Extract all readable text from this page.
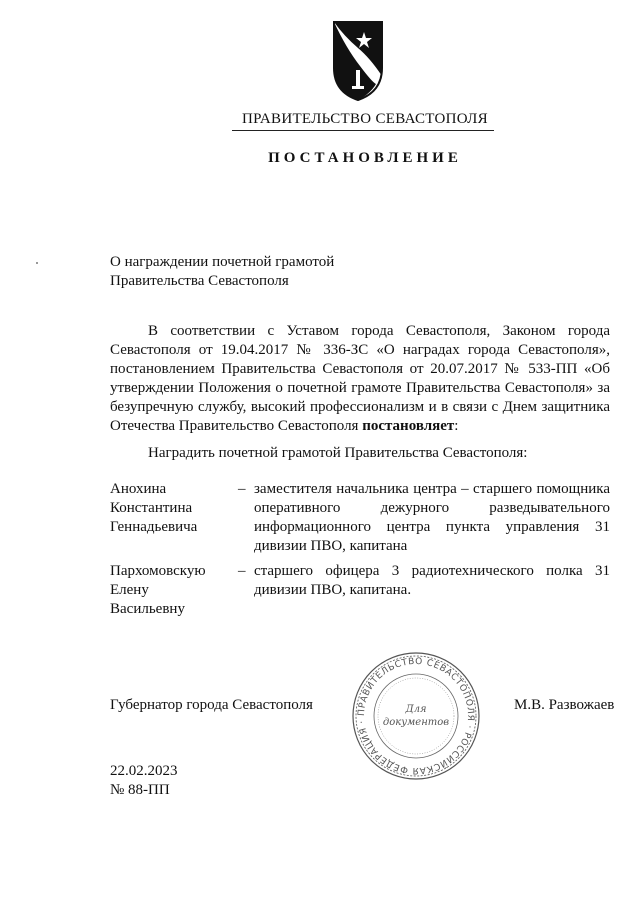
ПРАВИТЕЛЬСТВО СЕВАСТОПОЛЯ
ПОСТАНОВЛЕНИЕ
О награждении почетной грамотой
Правительства Севастополя
В соответствии с Уставом города Севастополя, Законом города Севастополя от 19.04.2017 № 336-ЗС «О наградах города Севастополя», постановлением Правительства Севастополя от 20.07.2017 № 533-ПП «Об утверждении Положения о почетной грамоте Правительства Севастополя» за безупречную службу, высокий профессионализм и в связи с Днем защитника Отечества Правительство Севастополя постановляет:
Наградить почетной грамотой Правительства Севастополя:
Анохина
Константина
Геннадьевича
– заместителя начальника центра – старшего помощника оперативного дежурного разведывательного информационного центра пункта управления 31 дивизии ПВО, капитана
Пархомовскую
Елену
Васильевну
– старшего офицера 3 радиотехнического полка 31 дивизии ПВО, капитана.
ПРАВИТЕЛЬСТВО СЕВАСТОПОЛЯ · РОССИЙСКАЯ ФЕДЕРАЦИЯ ·
Для
документов
Губернатор города Севастополя	М.В. Развожаев
22.02.2023
№ 88-ПП
